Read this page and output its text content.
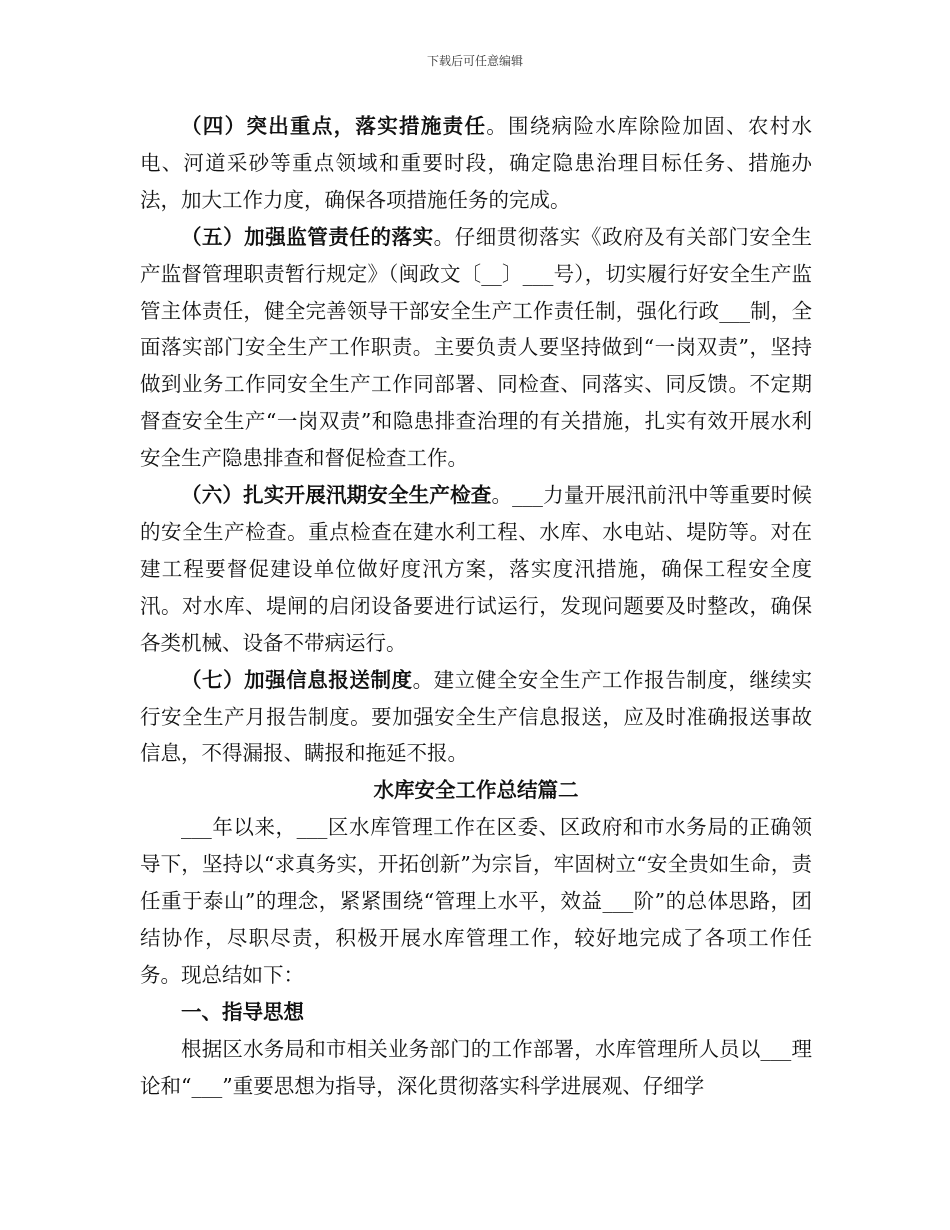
下载后可任意编辑

（四）突出重点，落实措施责任。围绕病险水库除险加固、农村水电、河道采砂等重点领域和重要时段，确定隐患治理目标任务、措施办法，加大工作力度，确保各项措施任务的完成。

（五）加强监管责任的落实。仔细贯彻落实《政府及有关部门安全生产监督管理职责暂行规定》（闽政文〔__〕___号），切实履行好安全生产监管主体责任，健全完善领导干部安全生产工作责任制，强化行政___制，全面落实部门安全生产工作职责。主要负责人要坚持做到“一岗双责”，坚持做到业务工作同安全生产工作同部署、同检查、同落实、同反馈。不定期督查安全生产“一岗双责”和隐患排查治理的有关措施，扎实有效开展水利安全生产隐患排查和督促检查工作。

（六）扎实开展汛期安全生产检查。___力量开展汛前汛中等重要时候的安全生产检查。重点检查在建水利工程、水库、水电站、堤防等。对在建工程要督促建设单位做好度汛方案，落实度汛措施，确保工程安全度汛。对水库、堤闸的启闭设备要进行试运行，发现问题要及时整改，确保各类机械、设备不带病运行。

（七）加强信息报送制度。建立健全安全生产工作报告制度，继续实行安全生产月报告制度。要加强安全生产信息报送，应及时准确报送事故信息，不得漏报、瞒报和拖延不报。

水库安全工作总结篇二

___年以来，___区水库管理工作在区委、区政府和市水务局的正确领导下，坚持以“求真务实，开拓创新”为宗旨，牢固树立“安全贵如生命，责任重于泰山”的理念，紧紧围绕“管理上水平，效益___阶”的总体思路，团结协作，尽职尽责，积极开展水库管理工作，较好地完成了各项工作任务。现总结如下：

一、指导思想

根据区水务局和市相关业务部门的工作部署，水库管理所人员以___理论和“___”重要思想为指导，深化贯彻落实科学进展观、仔细学
